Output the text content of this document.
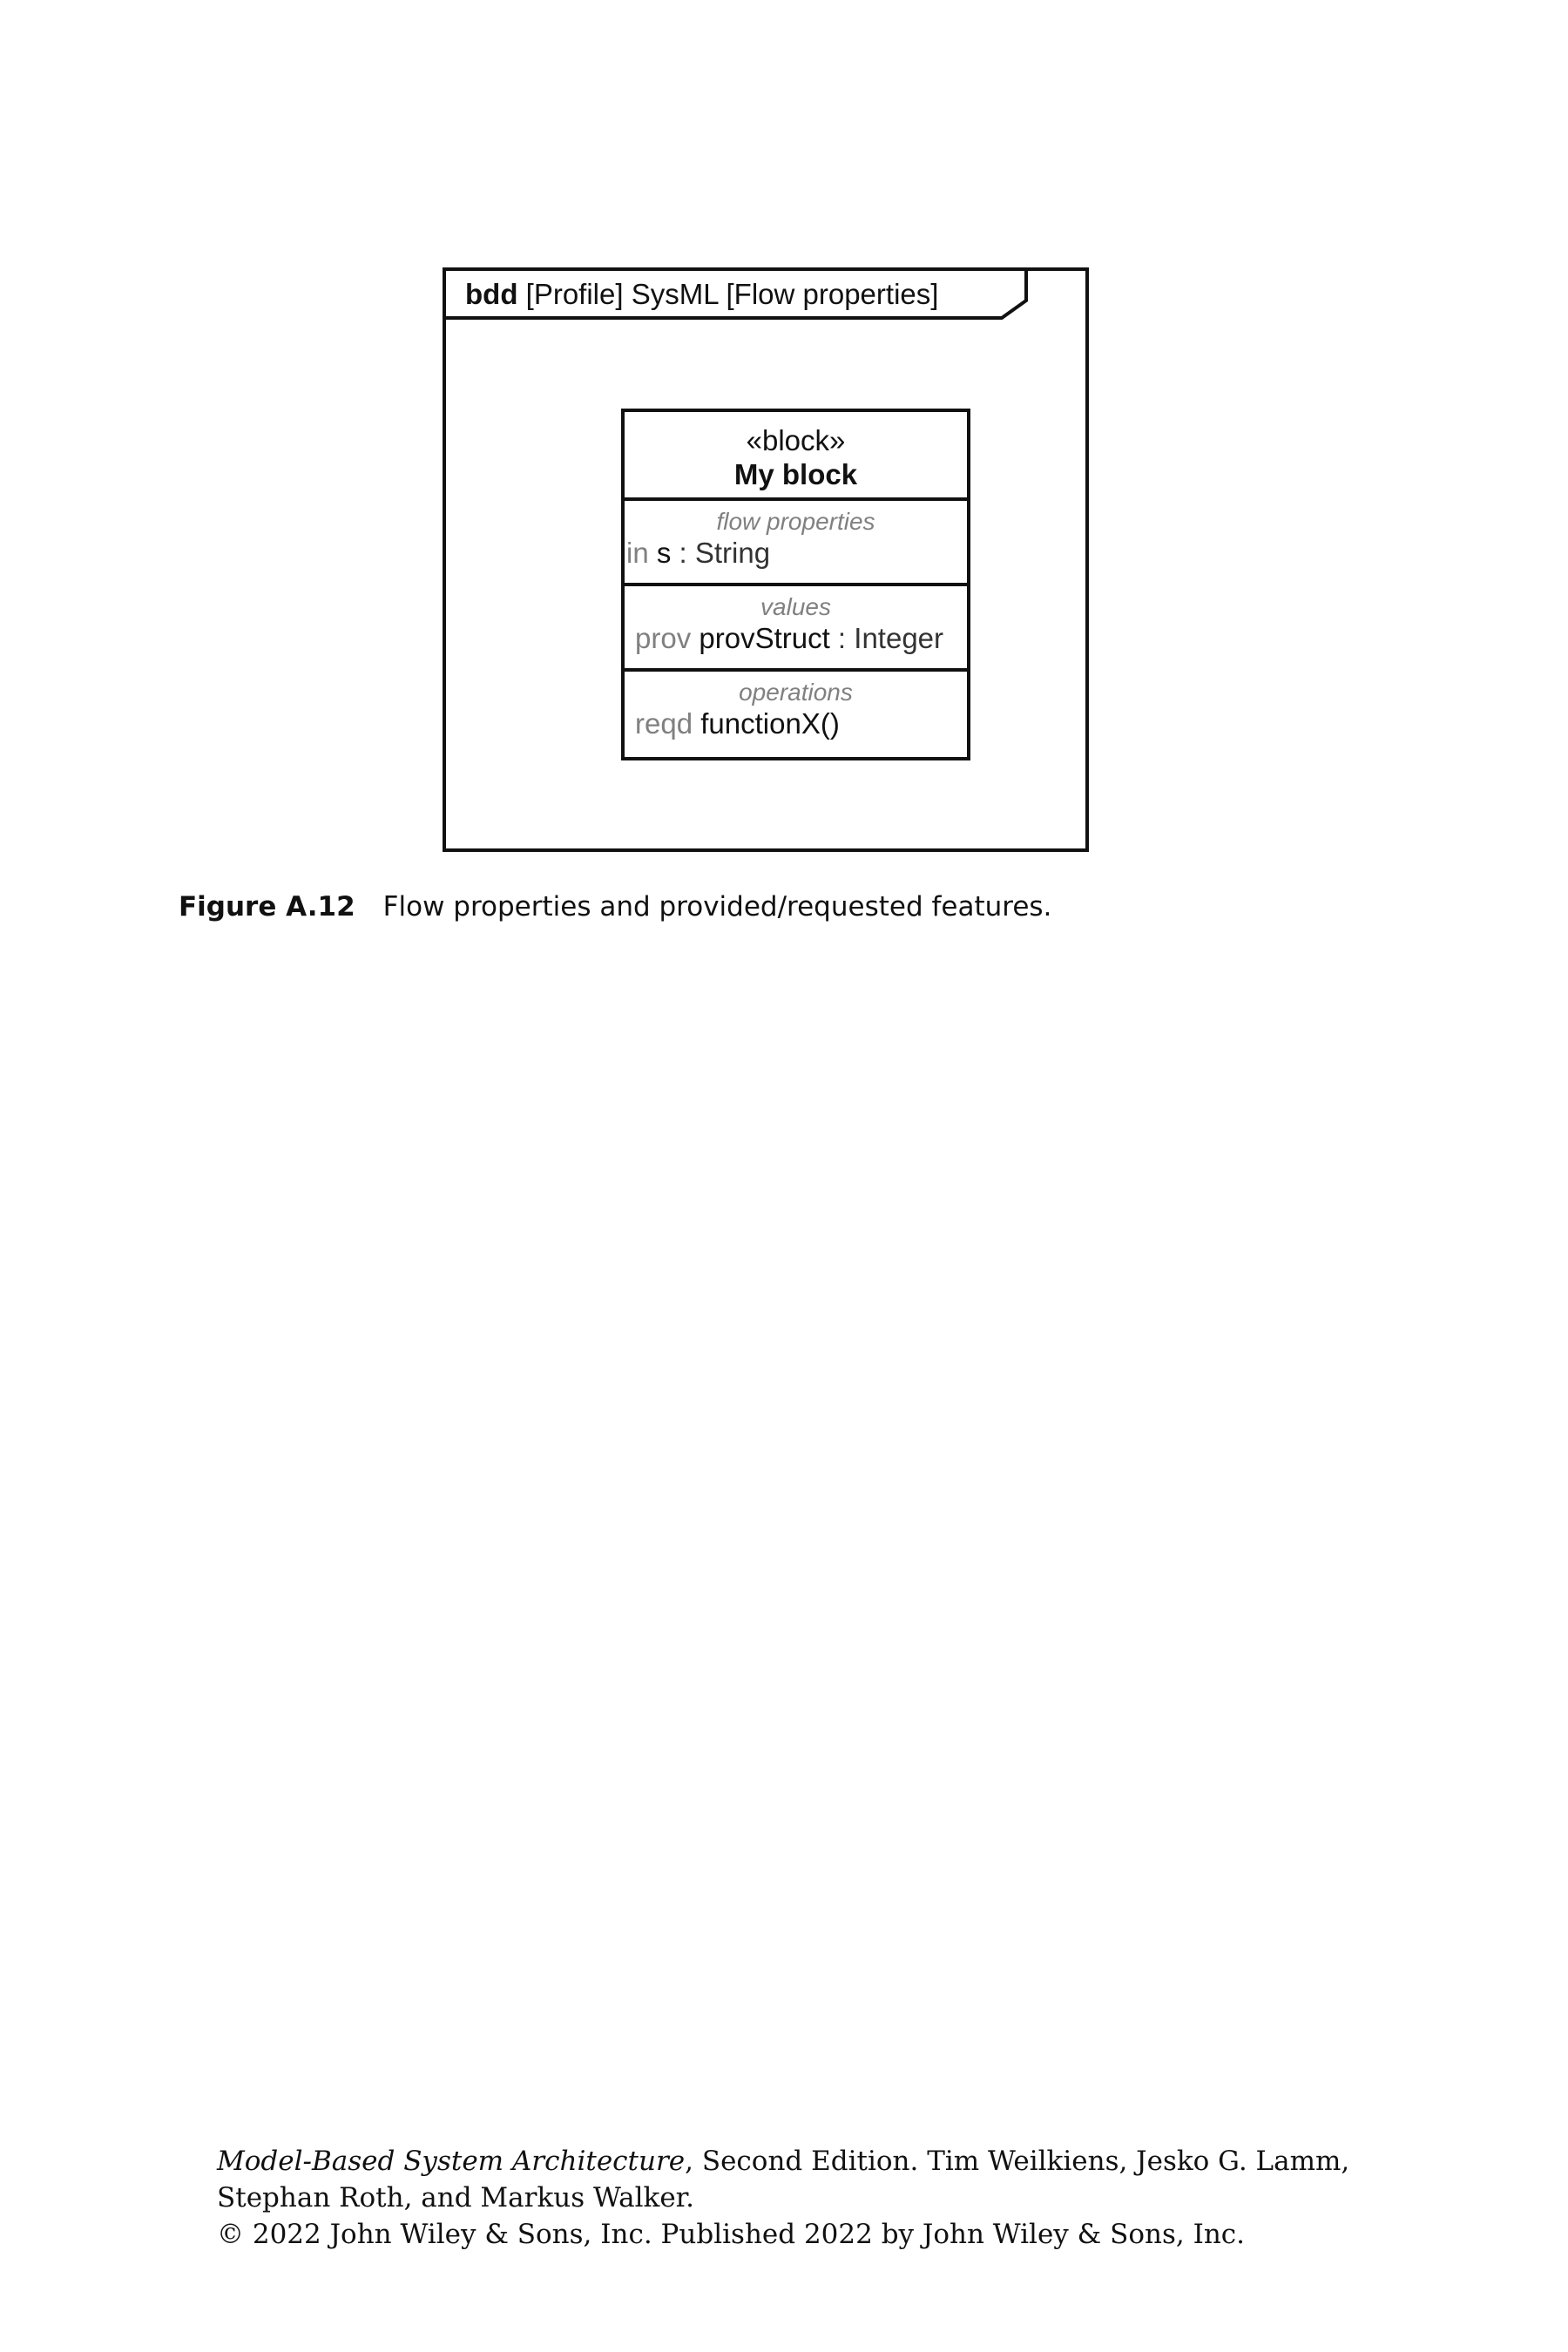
bdd [Profile] SysML [Flow properties]
«block»
My block
flow properties
in s : String
values
prov provStruct : Integer
operations
reqd functionX()
Figure A.12 Flow properties and provided/requested features.
Model-Based System Architecture, Second Edition. Tim Weilkiens, Jesko G. Lamm,
Stephan Roth, and Markus Walker.
© 2022 John Wiley & Sons, Inc. Published 2022 by John Wiley & Sons, Inc.
